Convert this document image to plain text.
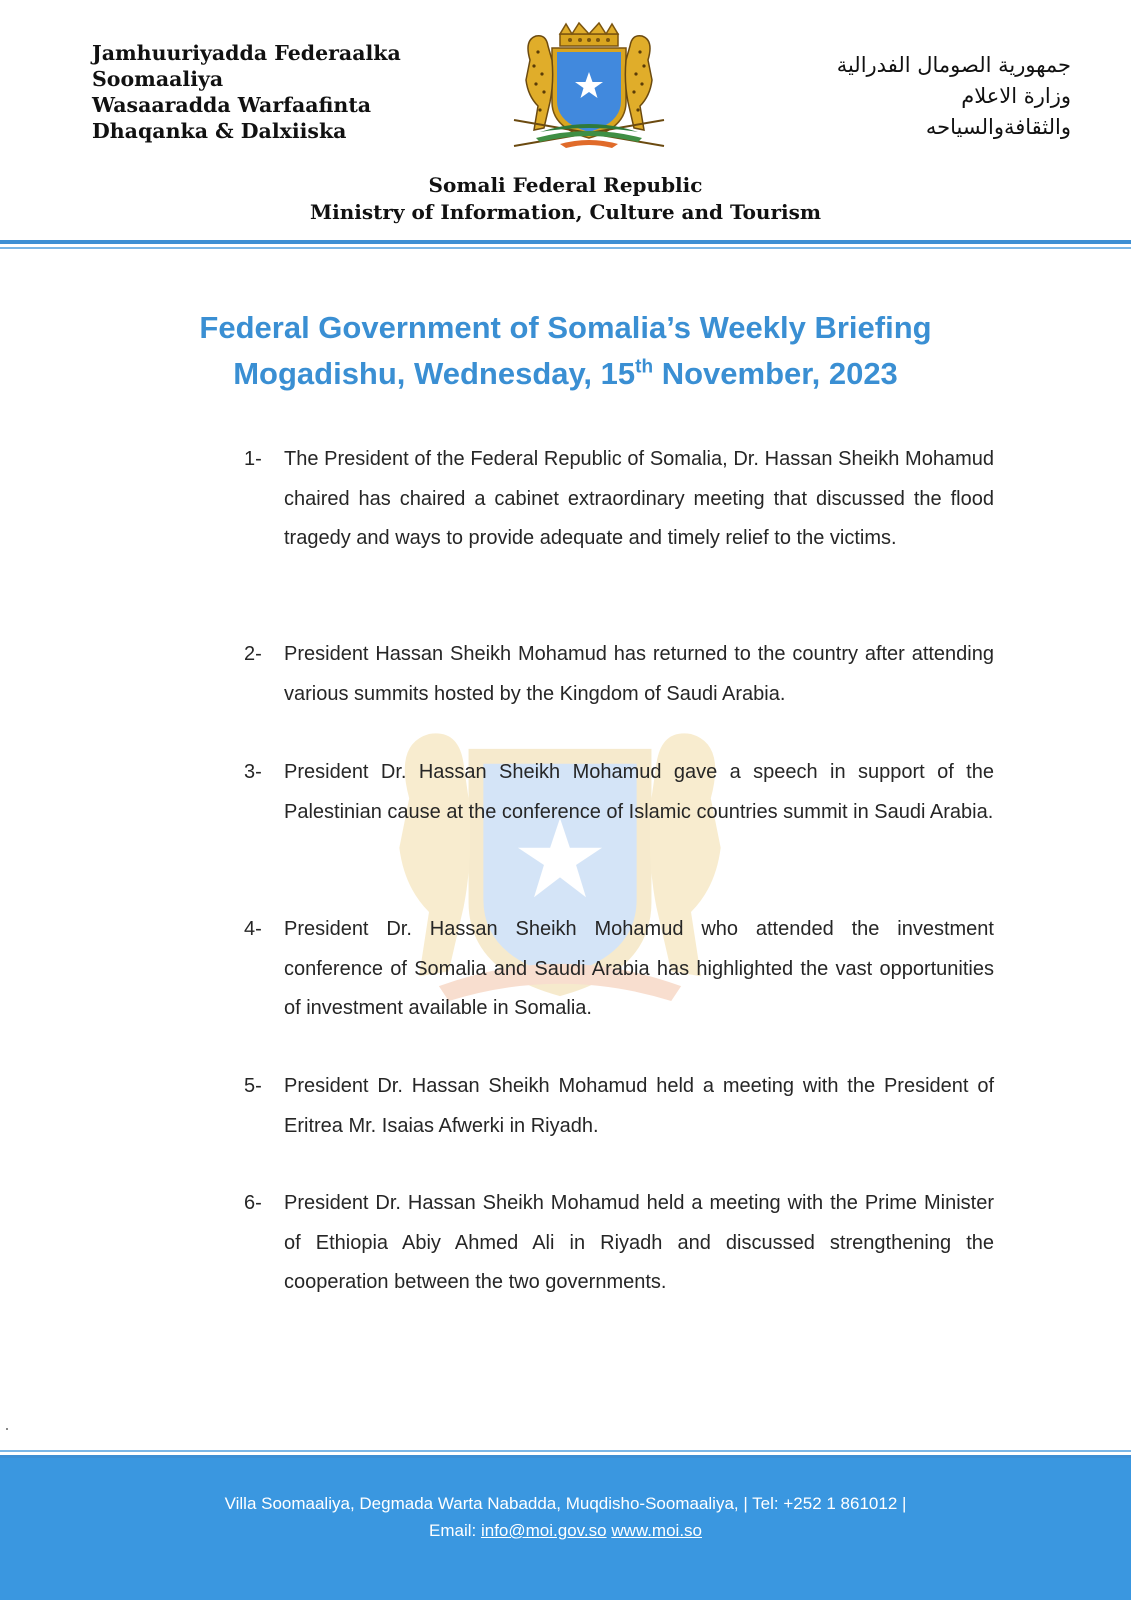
Jamhuuriyadda Federaalka
Soomaaliya
Wasaaradda Warfaafinta
Dhaqanka & Dalxiiska
جمهورية الصومال الفدرالية
وزارة الاعلام
والثقافةوالسياحه
Somali Federal Republic
Ministry of Information, Culture and Tourism
Federal Government of Somalia’s Weekly Briefing
Mogadishu, Wednesday, 15th November, 2023
1-	The President of the Federal Republic of Somalia, Dr. Hassan Sheikh Mohamud chaired has chaired a cabinet extraordinary meeting that discussed the flood tragedy and ways to provide adequate and timely relief to the victims.
2-	President Hassan Sheikh Mohamud has returned to the country after attending various summits hosted by the Kingdom of Saudi Arabia.
3-	President Dr. Hassan Sheikh Mohamud gave a speech in support of the Palestinian cause at the conference of Islamic countries summit in Saudi Arabia.
4-	President Dr. Hassan Sheikh Mohamud who attended the investment conference of Somalia and Saudi Arabia has highlighted the vast opportunities of investment available in Somalia.
5-	President Dr. Hassan Sheikh Mohamud held a meeting with the President of Eritrea Mr. Isaias Afwerki in Riyadh.
6-	President Dr. Hassan Sheikh Mohamud held a meeting with the Prime Minister of Ethiopia Abiy Ahmed Ali in Riyadh and discussed strengthening the cooperation between the two governments.
Villa Soomaaliya, Degmada Warta Nabadda, Muqdisho-Soomaaliya, | Tel: +252 1 861012 |
Email: info@moi.gov.so www.moi.so
